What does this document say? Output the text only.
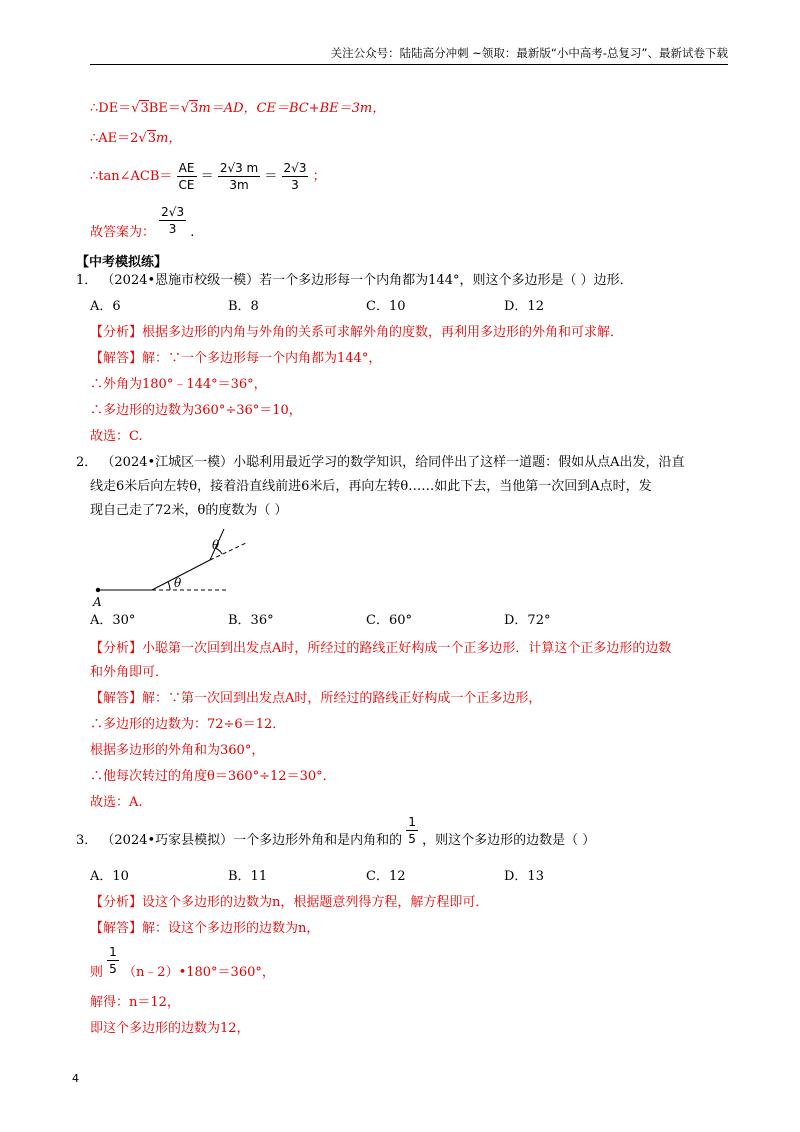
关注公众号：陆陆高分冲刺 ~领取：最新版“小中高考-总复习”、最新试卷下载
∴DE＝√3BE＝√3m＝AD，CE＝BC+BE＝3m，
∴AE＝2√3m，
∴tan∠ACB＝ $\frac{AE}{CE} = \frac{2√3 m}{3m} = \frac{2√3}{3}$ ；
故答案为： $\frac{2√3}{3}$ .
【中考模拟练】
1． （2024•恩施市校级一模）若一个多边形每一个内角都为144°，则这个多边形是（ ）边形．
A．6	B．8	C．10	D．12
【分析】根据多边形的内角与外角的关系可求解外角的度数，再利用多边形的外角和可求解．
【解答】解：∵一个多边形每一个内角都为144°，
∴外角为180°﹣144°＝36°，
∴多边形的边数为360°÷36°＝10，
故选：C.
2． （2024•江城区一模）小聪利用最近学习的数学知识，给同伴出了这样一道题：假如从点A出发，沿直
线走6米后向左转θ，接着沿直线前进6米后，再向左转θ……如此下去，当他第一次回到A点时，发
现自己走了72米，θ的度数为（ ）
θ
θ
A
A．30°	B．36°	C．60°	D．72°
【分析】小聪第一次回到出发点A时，所经过的路线正好构成一个正多边形．计算这个正多边形的边数
和外角即可．
【解答】解：∵第一次回到出发点A时，所经过的路线正好构成一个正多边形，
∴多边形的边数为：72÷6＝12．
根据多边形的外角和为360°，
∴他每次转过的角度θ＝360°÷12＝30°．
故选：A.
3． （2024•巧家县模拟）一个多边形外角和是内角和的 $\frac{1}{5}$ ，则这个多边形的边数是（ ）
A．10	B．11	C．12	D．13
【分析】设这个多边形的边数为n，根据题意列得方程，解方程即可．
【解答】解：设这个多边形的边数为n，
则 $\frac{1}{5}$ （n﹣2）•180°＝360°，
解得：n＝12，
即这个多边形的边数为12，
4
